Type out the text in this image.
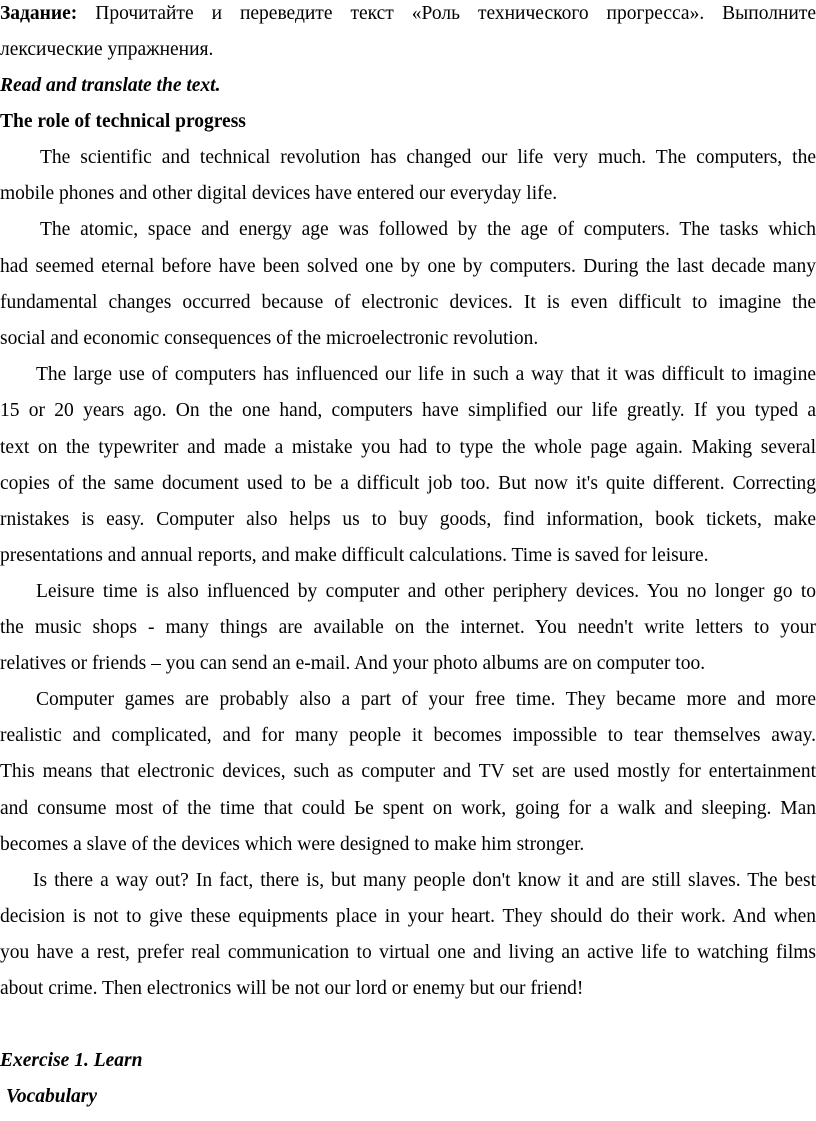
Задание: Прочитайте и переведите текст «Роль технического прогресса». Выполните
лексические упражнения.
Read and translate the text.
The role of technical progress
The scientific and technical revolution has changed our life very much. The computers, the
mobile phones and other digital devices have entered our everyday life.
The atomic, space and energy age was followed by the age of computers. The tasks which
had seemed eternal before have been solved one by one by computers. During the last decade many
fundamental changes occurred because of electronic devices. It is even difficult to imagine the
social and economic consequences of the microelectronic revolution.
The large use of computers has influenced our life in such a way that it was difficult to imagine
15 or 20 years ago. On the one hand, computers have simplified our life greatly. If you typed a
text on the typewriter and made a mistake you had to type the whole page again. Making several
copies of the same document used to be a difficult job too. But now it's quite different. Correcting
rnistakes is easy. Computer also helps us to buy goods, find information, book tickets, make
presentations and annual reports, and make difficult calculations. Time is saved for leisure.
Leisure time is also influenced by computer and other periphery devices. You no longer go to
the music shops - many things are available on the internet. You needn't write letters to your
relatives or friends – you can send an e-mail. And your photo albums are on computer too.
Computer games are probably also a part of your free time. They became more and more
realistic and complicated, and for many people it becomes impossible to tear themselves away.
This means that electronic devices, such as computer and TV set are used mostly for entertainment
and consume most of the time that could Ьe spent on work, going for a walk and sleeping. Man
becomes a slave of the devices which were designed to make him stronger.
Is there a way out? In fact, there is, but many people don't know it and are still slaves. The best
decision is not to give these equipments place in your heart. They should do their work. And when
you have a rest, prefer real communication to virtual one and living an active life to watching films
about crime. Then electronics will be not our lord or enemy but our friend!
Exercise 1. Learn
Vocabulary
